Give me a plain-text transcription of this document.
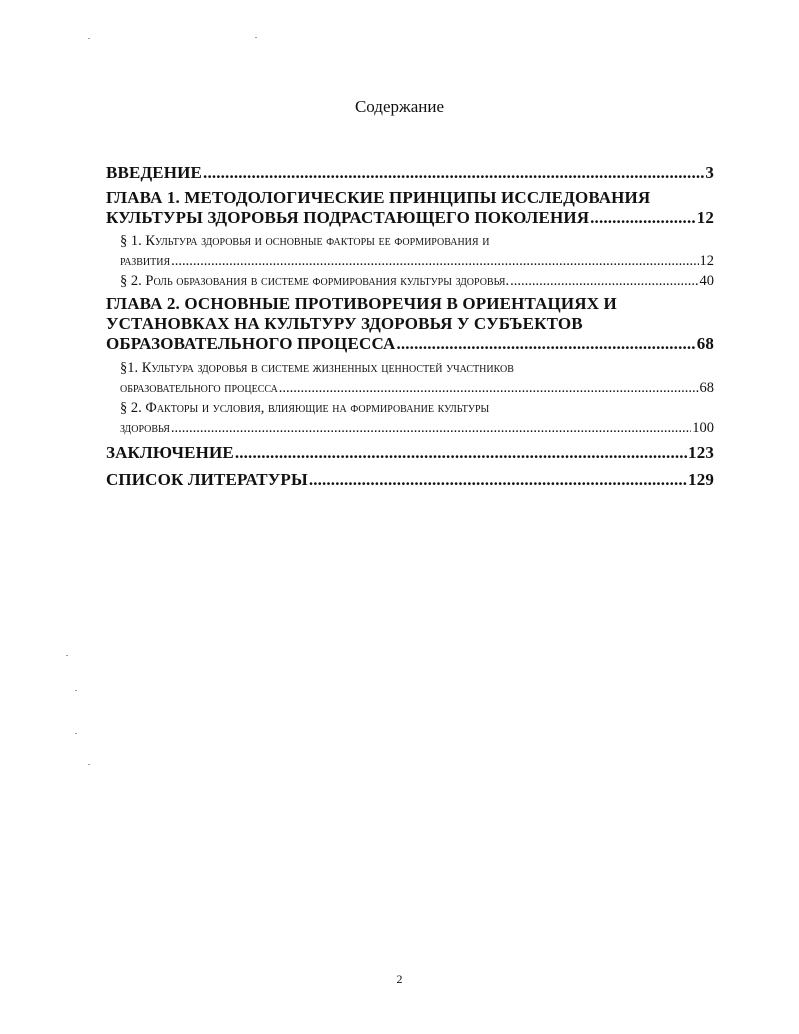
Содержание
ВВЕДЕНИЕ .....	3
ГЛАВА 1. МЕТОДОЛОГИЧЕСКИЕ ПРИНЦИПЫ ИССЛЕДОВАНИЯ
КУЛЬТУРЫ ЗДОРОВЬЯ ПОДРАСТАЮЩЕГО ПОКОЛЕНИЯ .....	12
§ 1. Культура здоровья и основные факторы ее формирования и
развития .....	12
§ 2. Роль образования в системе формирования культуры здоровья. .....	40
ГЛАВА 2. ОСНОВНЫЕ ПРОТИВОРЕЧИЯ В ОРИЕНТАЦИЯХ И
УСТАНОВКАХ НА КУЛЬТУРУ ЗДОРОВЬЯ У СУБЪЕКТОВ
ОБРАЗОВАТЕЛЬНОГО ПРОЦЕССА .....	68
§1. Культура здоровья в системе жизненных ценностей участников
образовательного процесса .....	68
§ 2. Факторы и условия, влияющие на формирование культуры
здоровья .....	100
ЗАКЛЮЧЕНИЕ .....	123
СПИСОК ЛИТЕРАТУРЫ .....	129
2
